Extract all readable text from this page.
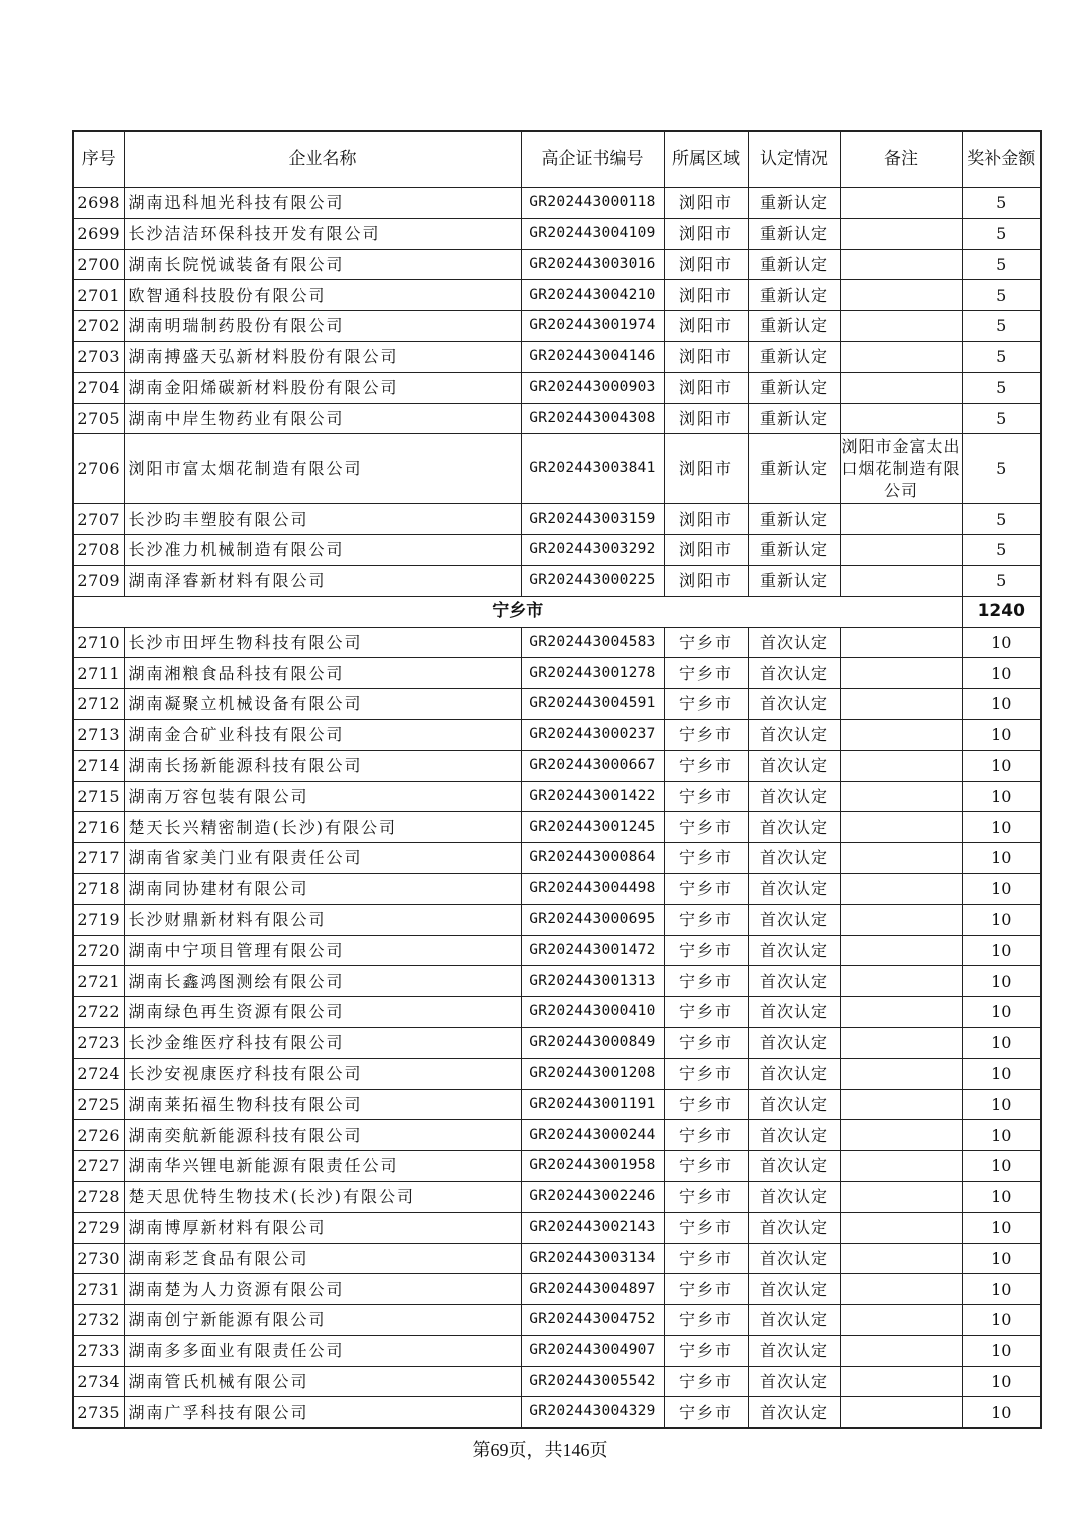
序号	企业名称	高企证书编号	所属区域	认定情况	备注	奖补金额
2698	湖南迅科旭光科技有限公司	GR202443000118	浏阳市	重新认定		5
2699	长沙洁洁环保科技开发有限公司	GR202443004109	浏阳市	重新认定		5
2700	湖南长院悦诚装备有限公司	GR202443003016	浏阳市	重新认定		5
2701	欧智通科技股份有限公司	GR202443004210	浏阳市	重新认定		5
2702	湖南明瑞制药股份有限公司	GR202443001974	浏阳市	重新认定		5
2703	湖南搏盛天弘新材料股份有限公司	GR202443004146	浏阳市	重新认定		5
2704	湖南金阳烯碳新材料股份有限公司	GR202443000903	浏阳市	重新认定		5
2705	湖南中岸生物药业有限公司	GR202443004308	浏阳市	重新认定		5
2706	浏阳市富太烟花制造有限公司	GR202443003841	浏阳市	重新认定	浏阳市金富太出口烟花制造有限公司	5
2707	长沙昀丰塑胶有限公司	GR202443003159	浏阳市	重新认定		5
2708	长沙准力机械制造有限公司	GR202443003292	浏阳市	重新认定		5
2709	湖南泽睿新材料有限公司	GR202443000225	浏阳市	重新认定		5
宁乡市						1240
2710	长沙市田坪生物科技有限公司	GR202443004583	宁乡市	首次认定		10
2711	湖南湘粮食品科技有限公司	GR202443001278	宁乡市	首次认定		10
2712	湖南凝聚立机械设备有限公司	GR202443004591	宁乡市	首次认定		10
2713	湖南金合矿业科技有限公司	GR202443000237	宁乡市	首次认定		10
2714	湖南长扬新能源科技有限公司	GR202443000667	宁乡市	首次认定		10
2715	湖南万容包装有限公司	GR202443001422	宁乡市	首次认定		10
2716	楚天长兴精密制造(长沙)有限公司	GR202443001245	宁乡市	首次认定		10
2717	湖南省家美门业有限责任公司	GR202443000864	宁乡市	首次认定		10
2718	湖南同协建材有限公司	GR202443004498	宁乡市	首次认定		10
2719	长沙财鼎新材料有限公司	GR202443000695	宁乡市	首次认定		10
2720	湖南中宁项目管理有限公司	GR202443001472	宁乡市	首次认定		10
2721	湖南长鑫鸿图测绘有限公司	GR202443001313	宁乡市	首次认定		10
2722	湖南绿色再生资源有限公司	GR202443000410	宁乡市	首次认定		10
2723	长沙金维医疗科技有限公司	GR202443000849	宁乡市	首次认定		10
2724	长沙安视康医疗科技有限公司	GR202443001208	宁乡市	首次认定		10
2725	湖南莱拓福生物科技有限公司	GR202443001191	宁乡市	首次认定		10
2726	湖南奕航新能源科技有限公司	GR202443000244	宁乡市	首次认定		10
2727	湖南华兴锂电新能源有限责任公司	GR202443001958	宁乡市	首次认定		10
2728	楚天思优特生物技术(长沙)有限公司	GR202443002246	宁乡市	首次认定		10
2729	湖南博厚新材料有限公司	GR202443002143	宁乡市	首次认定		10
2730	湖南彩芝食品有限公司	GR202443003134	宁乡市	首次认定		10
2731	湖南楚为人力资源有限公司	GR202443004897	宁乡市	首次认定		10
2732	湖南创宁新能源有限公司	GR202443004752	宁乡市	首次认定		10
2733	湖南多多面业有限责任公司	GR202443004907	宁乡市	首次认定		10
2734	湖南管氏机械有限公司	GR202443005542	宁乡市	首次认定		10
2735	湖南广孚科技有限公司	GR202443004329	宁乡市	首次认定		10
第69页，共146页
